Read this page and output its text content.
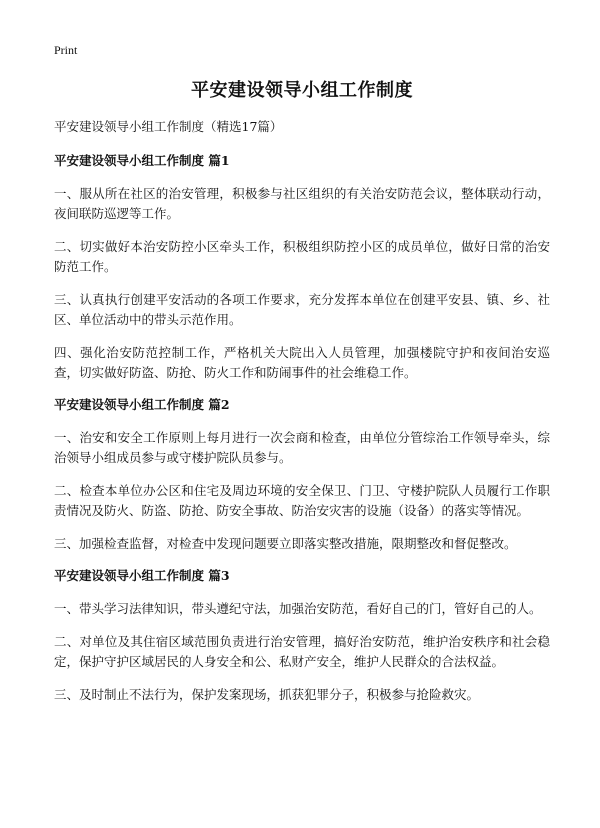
Print

平安建设领导小组工作制度

平安建设领导小组工作制度（精选17篇）

平安建设领导小组工作制度 篇1

一、服从所在社区的治安管理，积极参与社区组织的有关治安防范会议，整体联动行动，夜间联防巡逻等工作。

二、切实做好本治安防控小区牵头工作，积极组织防控小区的成员单位，做好日常的治安防范工作。

三、认真执行创建平安活动的各项工作要求，充分发挥本单位在创建平安县、镇、乡、社区、单位活动中的带头示范作用。

四、强化治安防范控制工作，严格机关大院出入人员管理，加强楼院守护和夜间治安巡查，切实做好防盗、防抢、防火工作和防闹事件的社会维稳工作。

平安建设领导小组工作制度 篇2

一、治安和安全工作原则上每月进行一次会商和检查，由单位分管综治工作领导牵头，综治领导小组成员参与或守楼护院队员参与。

二、检查本单位办公区和住宅及周边环境的安全保卫、门卫、守楼护院队人员履行工作职责情况及防火、防盗、防抢、防安全事故、防治安灾害的设施（设备）的落实等情况。

三、加强检查监督，对检查中发现问题要立即落实整改措施，限期整改和督促整改。

平安建设领导小组工作制度 篇3

一、带头学习法律知识，带头遵纪守法，加强治安防范，看好自己的门，管好自己的人。

二、对单位及其住宿区域范围负责进行治安管理，搞好治安防范，维护治安秩序和社会稳定，保护守护区域居民的人身安全和公、私财产安全，维护人民群众的合法权益。

三、及时制止不法行为，保护发案现场，抓获犯罪分子，积极参与抢险救灾。
